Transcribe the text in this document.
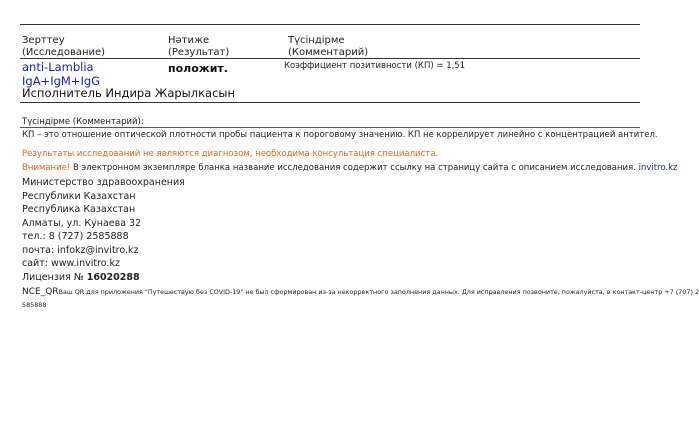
Зерттеу
(Исследование)
Нәтиже
(Результат)
Түсіндірме
(Комментарий)
anti-Lamblia
IgA+IgM+IgG
положит.	Коэффициент позитивности (КП) = 1,51
Исполнитель Индира Жарылкасын
Түсіндірме (Комментарий):
КП – это отношение оптической плотности пробы пациента к пороговому значению. КП не коррелирует линейно с концентрацией антител.
Результаты исследований не являются диагнозом, необходима консультация специалиста.
Внимание! В электронном экземпляре бланка название исследования содержит ссылку на страницу сайта с описанием исследования. invitro.kz
Министерство здравоохранения
Республики Казахстан
Республика Казахстан
Алматы, ул. Кунаева 32
тел.: 8 (727) 2585888
почта: infokz@invitro.kz
сайт: www.invitro.kz
Лицензия № 16020288
NCE_QRВаш QR для приложения "Путешествую без COVID-19" не был сформирован из-за некорректного заполнения данных. Для исправления позвоните, пожалуйста, в контакт-центр +7 (707) 2
585888
